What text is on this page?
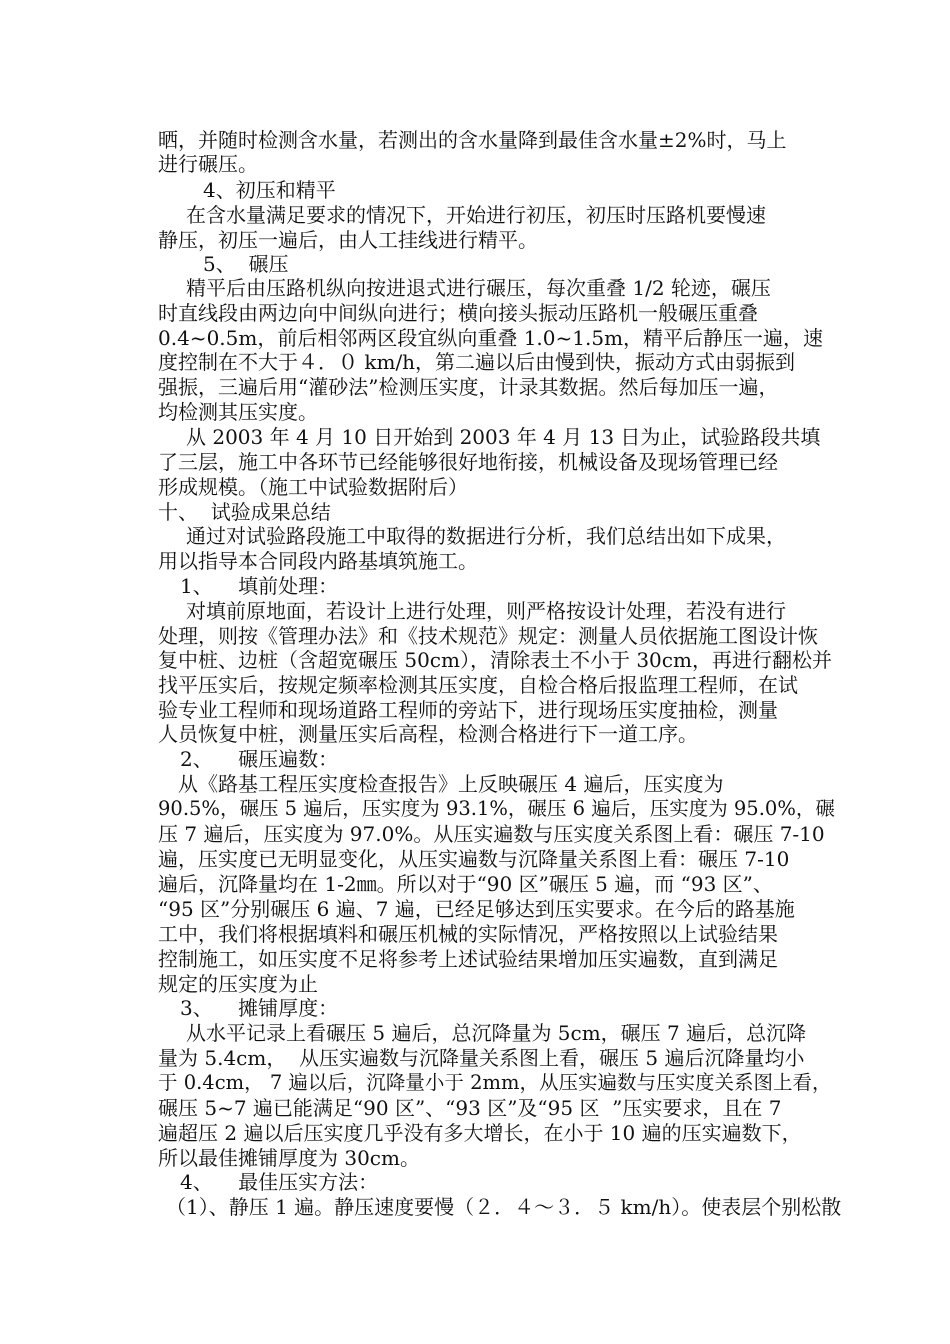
晒，并随时检测含水量，若测出的含水量降到最佳含水量±2%时，马上
进行碾压。
4、初压和精平
在含水量满足要求的情况下，开始进行初压，初压时压路机要慢速
静压，初压一遍后，由人工挂线进行精平。
5、  碾压
精平后由压路机纵向按进退式进行碾压，每次重叠 1/2 轮迹，碾压
时直线段由两边向中间纵向进行；横向接头振动压路机一般碾压重叠
0.4~0.5m，前后相邻两区段宜纵向重叠 1.0~1.5m，精平后静压一遍，速
度控制在不大于４．０ km/h，第二遍以后由慢到快，振动方式由弱振到
强振，三遍后用“灌砂法”检测压实度，计录其数据。然后每加压一遍，
均检测其压实度。
从 2003 年 4 月 10 日开始到 2003 年 4 月 13 日为止，试验路段共填
了三层，施工中各环节已经能够很好地衔接，机械设备及现场管理已经
形成规模。（施工中试验数据附后）
十、  试验成果总结
通过对试验路段施工中取得的数据进行分析，我们总结出如下成果，
用以指导本合同段内路基填筑施工。
1、    填前处理：
对填前原地面，若设计上进行处理，则严格按设计处理，若没有进行
处理，则按《管理办法》和《技术规范》规定：测量人员依据施工图设计恢
复中桩、边桩（含超宽碾压 50cm），清除表土不小于 30cm，再进行翻松并
找平压实后，按规定频率检测其压实度，自检合格后报监理工程师，在试
验专业工程师和现场道路工程师的旁站下，进行现场压实度抽检，测量
人员恢复中桩，测量压实后高程，检测合格进行下一道工序。
2、    碾压遍数：
从《路基工程压实度检查报告》上反映碾压 4 遍后，压实度为
90.5%，碾压 5 遍后，压实度为 93.1%，碾压 6 遍后，压实度为 95.0%，碾
压 7 遍后，压实度为 97.0%。从压实遍数与压实度关系图上看：碾压 7-10
遍，压实度已无明显变化，从压实遍数与沉降量关系图上看：碾压 7-10
遍后，沉降量均在 1-2㎜。所以对于“90 区”碾压 5 遍，而 “93 区”、
“95 区”分别碾压 6 遍、7 遍，已经足够达到压实要求。在今后的路基施
工中，我们将根据填料和碾压机械的实际情况，严格按照以上试验结果
控制施工，如压实度不足将参考上述试验结果增加压实遍数，直到满足
规定的压实度为止
3、    摊铺厚度：
从水平记录上看碾压 5 遍后，总沉降量为 5cm，碾压 7 遍后，总沉降
量为 5.4cm，  从压实遍数与沉降量关系图上看，碾压 5 遍后沉降量均小
于 0.4cm， 7 遍以后，沉降量小于 2mm，从压实遍数与压实度关系图上看，
碾压 5~7 遍已能满足“90 区”、“93 区”及“95 区  ”压实要求，且在 7
遍超压 2 遍以后压实度几乎没有多大增长，在小于 10 遍的压实遍数下，
所以最佳摊铺厚度为 30cm。
4、    最佳压实方法：
（1）、静压 1 遍。静压速度要慢（２．４～３．５ km/h）。使表层个别松散
